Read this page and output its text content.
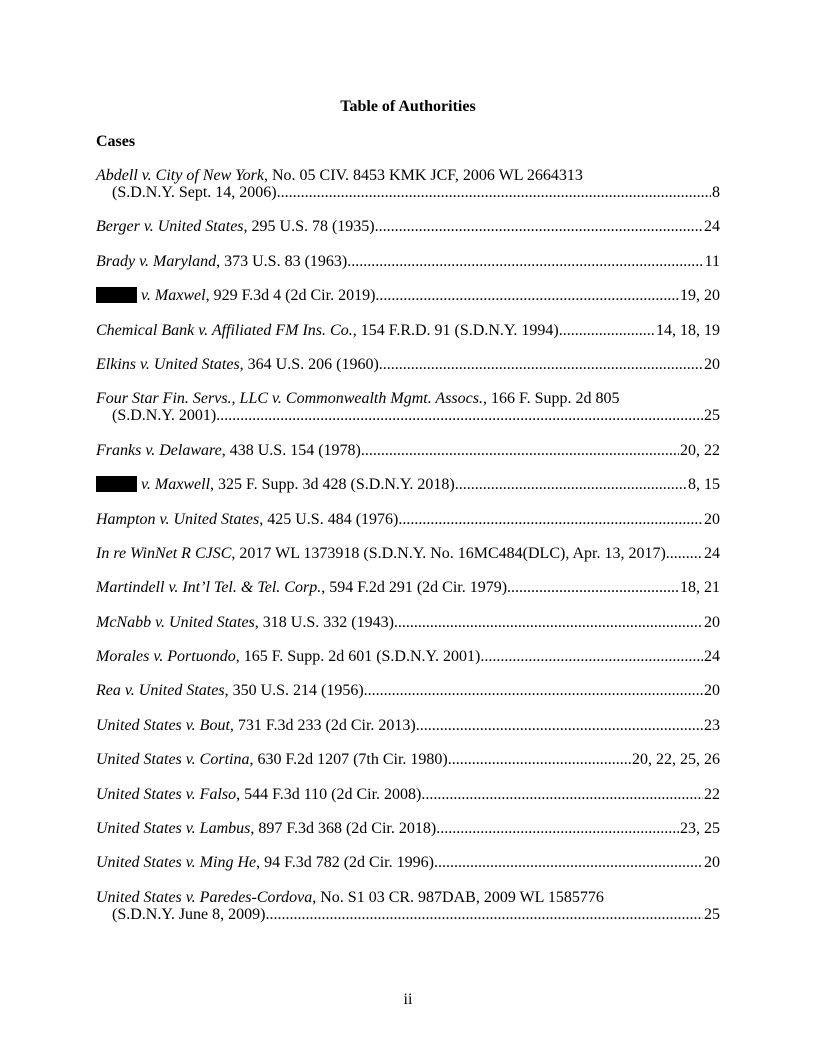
Table of Authorities
Cases
Abdell v. City of New York, No. 05 CIV. 8453 KMK JCF, 2006 WL 2664313
(S.D.N.Y. Sept. 14, 2006) .....	8
Berger v. United States, 295 U.S. 78 (1935) .....	24
Brady v. Maryland, 373 U.S. 83 (1963) .....	11
v. Maxwel, 929 F.3d 4 (2d Cir. 2019) .....	19, 20
Chemical Bank v. Affiliated FM Ins. Co., 154 F.R.D. 91 (S.D.N.Y. 1994) .....	14, 18, 19
Elkins v. United States, 364 U.S. 206 (1960) .....	20
Four Star Fin. Servs., LLC v. Commonwealth Mgmt. Assocs., 166 F. Supp. 2d 805
(S.D.N.Y. 2001) .....	25
Franks v. Delaware, 438 U.S. 154 (1978) .....	20, 22
v. Maxwell, 325 F. Supp. 3d 428 (S.D.N.Y. 2018) .....	8, 15
Hampton v. United States, 425 U.S. 484 (1976) .....	20
In re WinNet R CJSC, 2017 WL 1373918 (S.D.N.Y. No. 16MC484(DLC), Apr. 13, 2017) ..... 24
Martindell v. Int’l Tel. & Tel. Corp., 594 F.2d 291 (2d Cir. 1979) .....	18, 21
McNabb v. United States, 318 U.S. 332 (1943) .....	20
Morales v. Portuondo, 165 F. Supp. 2d 601 (S.D.N.Y. 2001) .....	24
Rea v. United States, 350 U.S. 214 (1956) .....	20
United States v. Bout, 731 F.3d 233 (2d Cir. 2013) .....	23
United States v. Cortina, 630 F.2d 1207 (7th Cir. 1980) .....	20, 22, 25, 26
United States v. Falso, 544 F.3d 110 (2d Cir. 2008) .....	22
United States v. Lambus, 897 F.3d 368 (2d Cir. 2018) .....	23, 25
United States v. Ming He, 94 F.3d 782 (2d Cir. 1996) .....	20
United States v. Paredes-Cordova, No. S1 03 CR. 987DAB, 2009 WL 1585776
(S.D.N.Y. June 8, 2009) .....	25
ii
